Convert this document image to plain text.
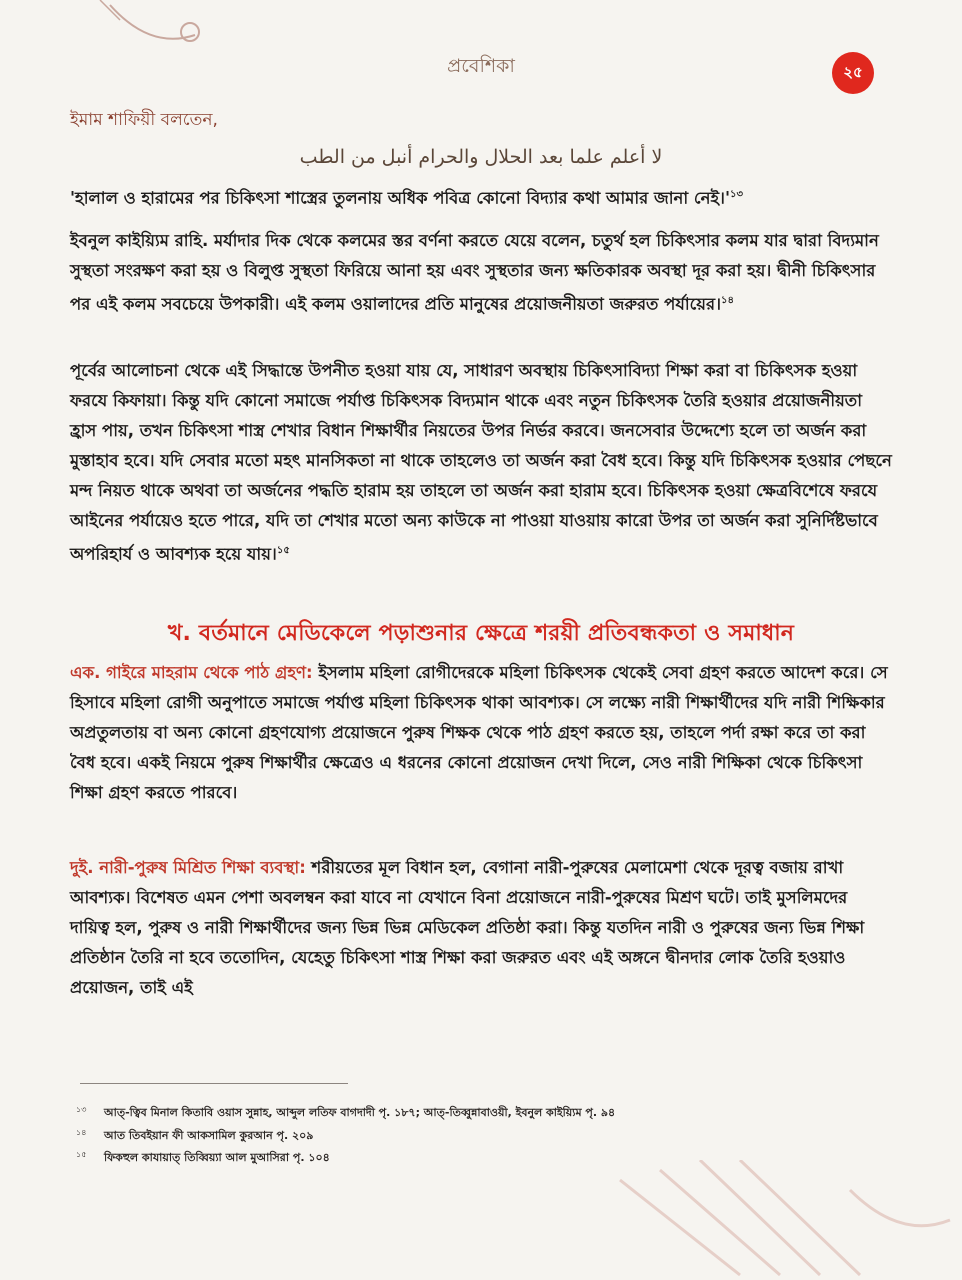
প্রবেশিকা	২৫
ইমাম শাফিয়ী বলতেন,
لا أعلم علما بعد الحلال والحرام أنبل من الطب
'হালাল ও হারামের পর চিকিৎসা শাস্ত্রের তুলনায় অধিক পবিত্র কোনো বিদ্যার কথা আমার জানা $নেই।'^{১৩}$
ইবনুল কাইয়্যিম রাহি. মর্যাদার দিক থেকে কলমের স্তর বর্ণনা করতে যেয়ে বলেন, চতুর্থ হল চিকিৎসার কলম যার দ্বারা বিদ্যমান সুস্থতা সংরক্ষণ করা হয় ও বিলুপ্ত সুস্থতা ফিরিয়ে আনা হয় এবং সুস্থতার জন্য ক্ষতিকারক অবস্থা দূর করা হয়। দ্বীনী চিকিৎসার পর এই কলম সবচেয়ে উপকারী। এই কলম ওয়ালাদের প্রতি মানুষের প্রয়োজনীয়তা জরুরত পর্যায়ের।$^{১৪}$
পূর্বের আলোচনা থেকে এই সিদ্ধান্তে উপনীত হওয়া যায় যে, সাধারণ অবস্থায় চিকিৎসাবিদ্যা শিক্ষা করা বা চিকিৎসক হওয়া ফরযে কিফায়া। কিন্তু যদি কোনো সমাজে পর্যাপ্ত চিকিৎসক বিদ্যমান থাকে এবং নতুন চিকিৎসক তৈরি হওয়ার প্রয়োজনীয়তা হ্রাস পায়, তখন চিকিৎসা শাস্ত্র শেখার বিধান শিক্ষার্থীর নিয়তের উপর নির্ভর করবে। জনসেবার উদ্দেশ্যে হলে তা অর্জন করা মুস্তাহাব হবে। যদি সেবার মতো মহৎ মানসিকতা না থাকে তাহলেও তা অর্জন করা বৈধ হবে। কিন্তু যদি চিকিৎসক হওয়ার পেছনে মন্দ নিয়ত থাকে অথবা তা অর্জনের পদ্ধতি হারাম হয় তাহলে তা অর্জন করা হারাম হবে। চিকিৎসক হওয়া ক্ষেত্রবিশেষে ফরযে আইনের পর্যায়েও হতে পারে, যদি তা শেখার মতো অন্য কাউকে না পাওয়া যাওয়ায় কারো উপর তা অর্জন করা সুনির্দিষ্টভাবে অপরিহার্য ও আবশ্যক হয়ে যায়।$^{১৫}$
খ. বর্তমানে মেডিকেলে পড়াশুনার ক্ষেত্রে শরয়ী প্রতিবন্ধকতা ও সমাধান
এক. গাইরে মাহরাম থেকে পাঠ গ্রহণ: ইসলাম মহিলা রোগীদেরকে মহিলা চিকিৎসক থেকেই সেবা গ্রহণ করতে আদেশ করে। সে হিসাবে মহিলা রোগী অনুপাতে সমাজে পর্যাপ্ত মহিলা চিকিৎসক থাকা আবশ্যক। সে লক্ষ্যে নারী শিক্ষার্থীদের যদি নারী শিক্ষিকার অপ্রতুলতায় বা অন্য কোনো গ্রহণযোগ্য প্রয়োজনে পুরুষ শিক্ষক থেকে পাঠ গ্রহণ করতে হয়, তাহলে পর্দা রক্ষা করে তা করা বৈধ হবে। একই নিয়মে পুরুষ শিক্ষার্থীর ক্ষেত্রেও এ ধরনের কোনো প্রয়োজন দেখা দিলে, সেও নারী শিক্ষিকা থেকে চিকিৎসা শিক্ষা গ্রহণ করতে পারবে।
দুই. নারী-পুরুষ মিশ্রিত শিক্ষা ব্যবস্থা: শরীয়তের মূল বিধান হল, বেগানা নারী-পুরুষের মেলামেশা থেকে দূরত্ব বজায় রাখা আবশ্যক। বিশেষত এমন পেশা অবলম্বন করা যাবে না যেখানে বিনা প্রয়োজনে নারী-পুরুষের মিশ্রণ ঘটে। তাই মুসলিমদের দায়িত্ব হল, পুরুষ ও নারী শিক্ষার্থীদের জন্য ভিন্ন ভিন্ন মেডিকেল প্রতিষ্ঠা করা। কিন্তু যতদিন নারী ও পুরুষের জন্য ভিন্ন শিক্ষা প্রতিষ্ঠান তৈরি না হবে ততোদিন, যেহেতু চিকিৎসা শাস্ত্র শিক্ষা করা জরুরত এবং এই অঙ্গনে দ্বীনদার লোক তৈরি হওয়াও প্রয়োজন, তাই এই
১৩ আত্-ত্বিব মিনাল কিতাবি ওয়াস সুন্নাহ, আব্দুল লতিফ বাগদাদী পৃ. ১৮৭; আত্-তিব্বুন্নাবাওয়ী, ইবনুল কাইয়্যিম পৃ. ৯৪
১৪ আত তিবইয়ান ফী আকসামিল কুরআন পৃ. ২০৯
১৫ ফিকহুল কাযায়াত্ তিব্বিয়্যা আল মুআসিরা পৃ. ১০৪
